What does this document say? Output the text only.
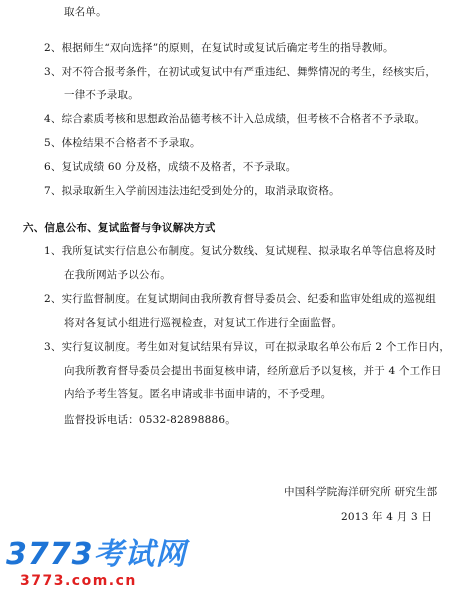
取名单。
2、根据师生“双向选择”的原则，在复试时或复试后确定考生的指导教师。
3、对不符合报考条件，在初试或复试中有严重违纪、舞弊情况的考生，经核实后，
一律不予录取。
4、综合素质考核和思想政治品德考核不计入总成绩，但考核不合格者不予录取。
5、体检结果不合格者不予录取。
6、复试成绩 60 分及格，成绩不及格者，不予录取。
7、拟录取新生入学前因违法违纪受到处分的，取消录取资格。
六、信息公布、复试监督与争议解决方式
1、我所复试实行信息公布制度。复试分数线、复试规程、拟录取名单等信息将及时
在我所网站予以公布。
2、实行监督制度。在复试期间由我所教育督导委员会、纪委和监审处组成的巡视组
将对各复试小组进行巡视检查，对复试工作进行全面监督。
3、实行复议制度。考生如对复试结果有异议，可在拟录取名单公布后 2 个工作日内，
向我所教育督导委员会提出书面复核申请，经所意后予以复核，并于 4 个工作日
内给予考生答复。匿名申请或非书面申请的，不予受理。
监督投诉电话：0532-82898886。
中国科学院海洋研究所 研究生部
2013 年 4 月 3 日
3773考试网
3773.com.cn
